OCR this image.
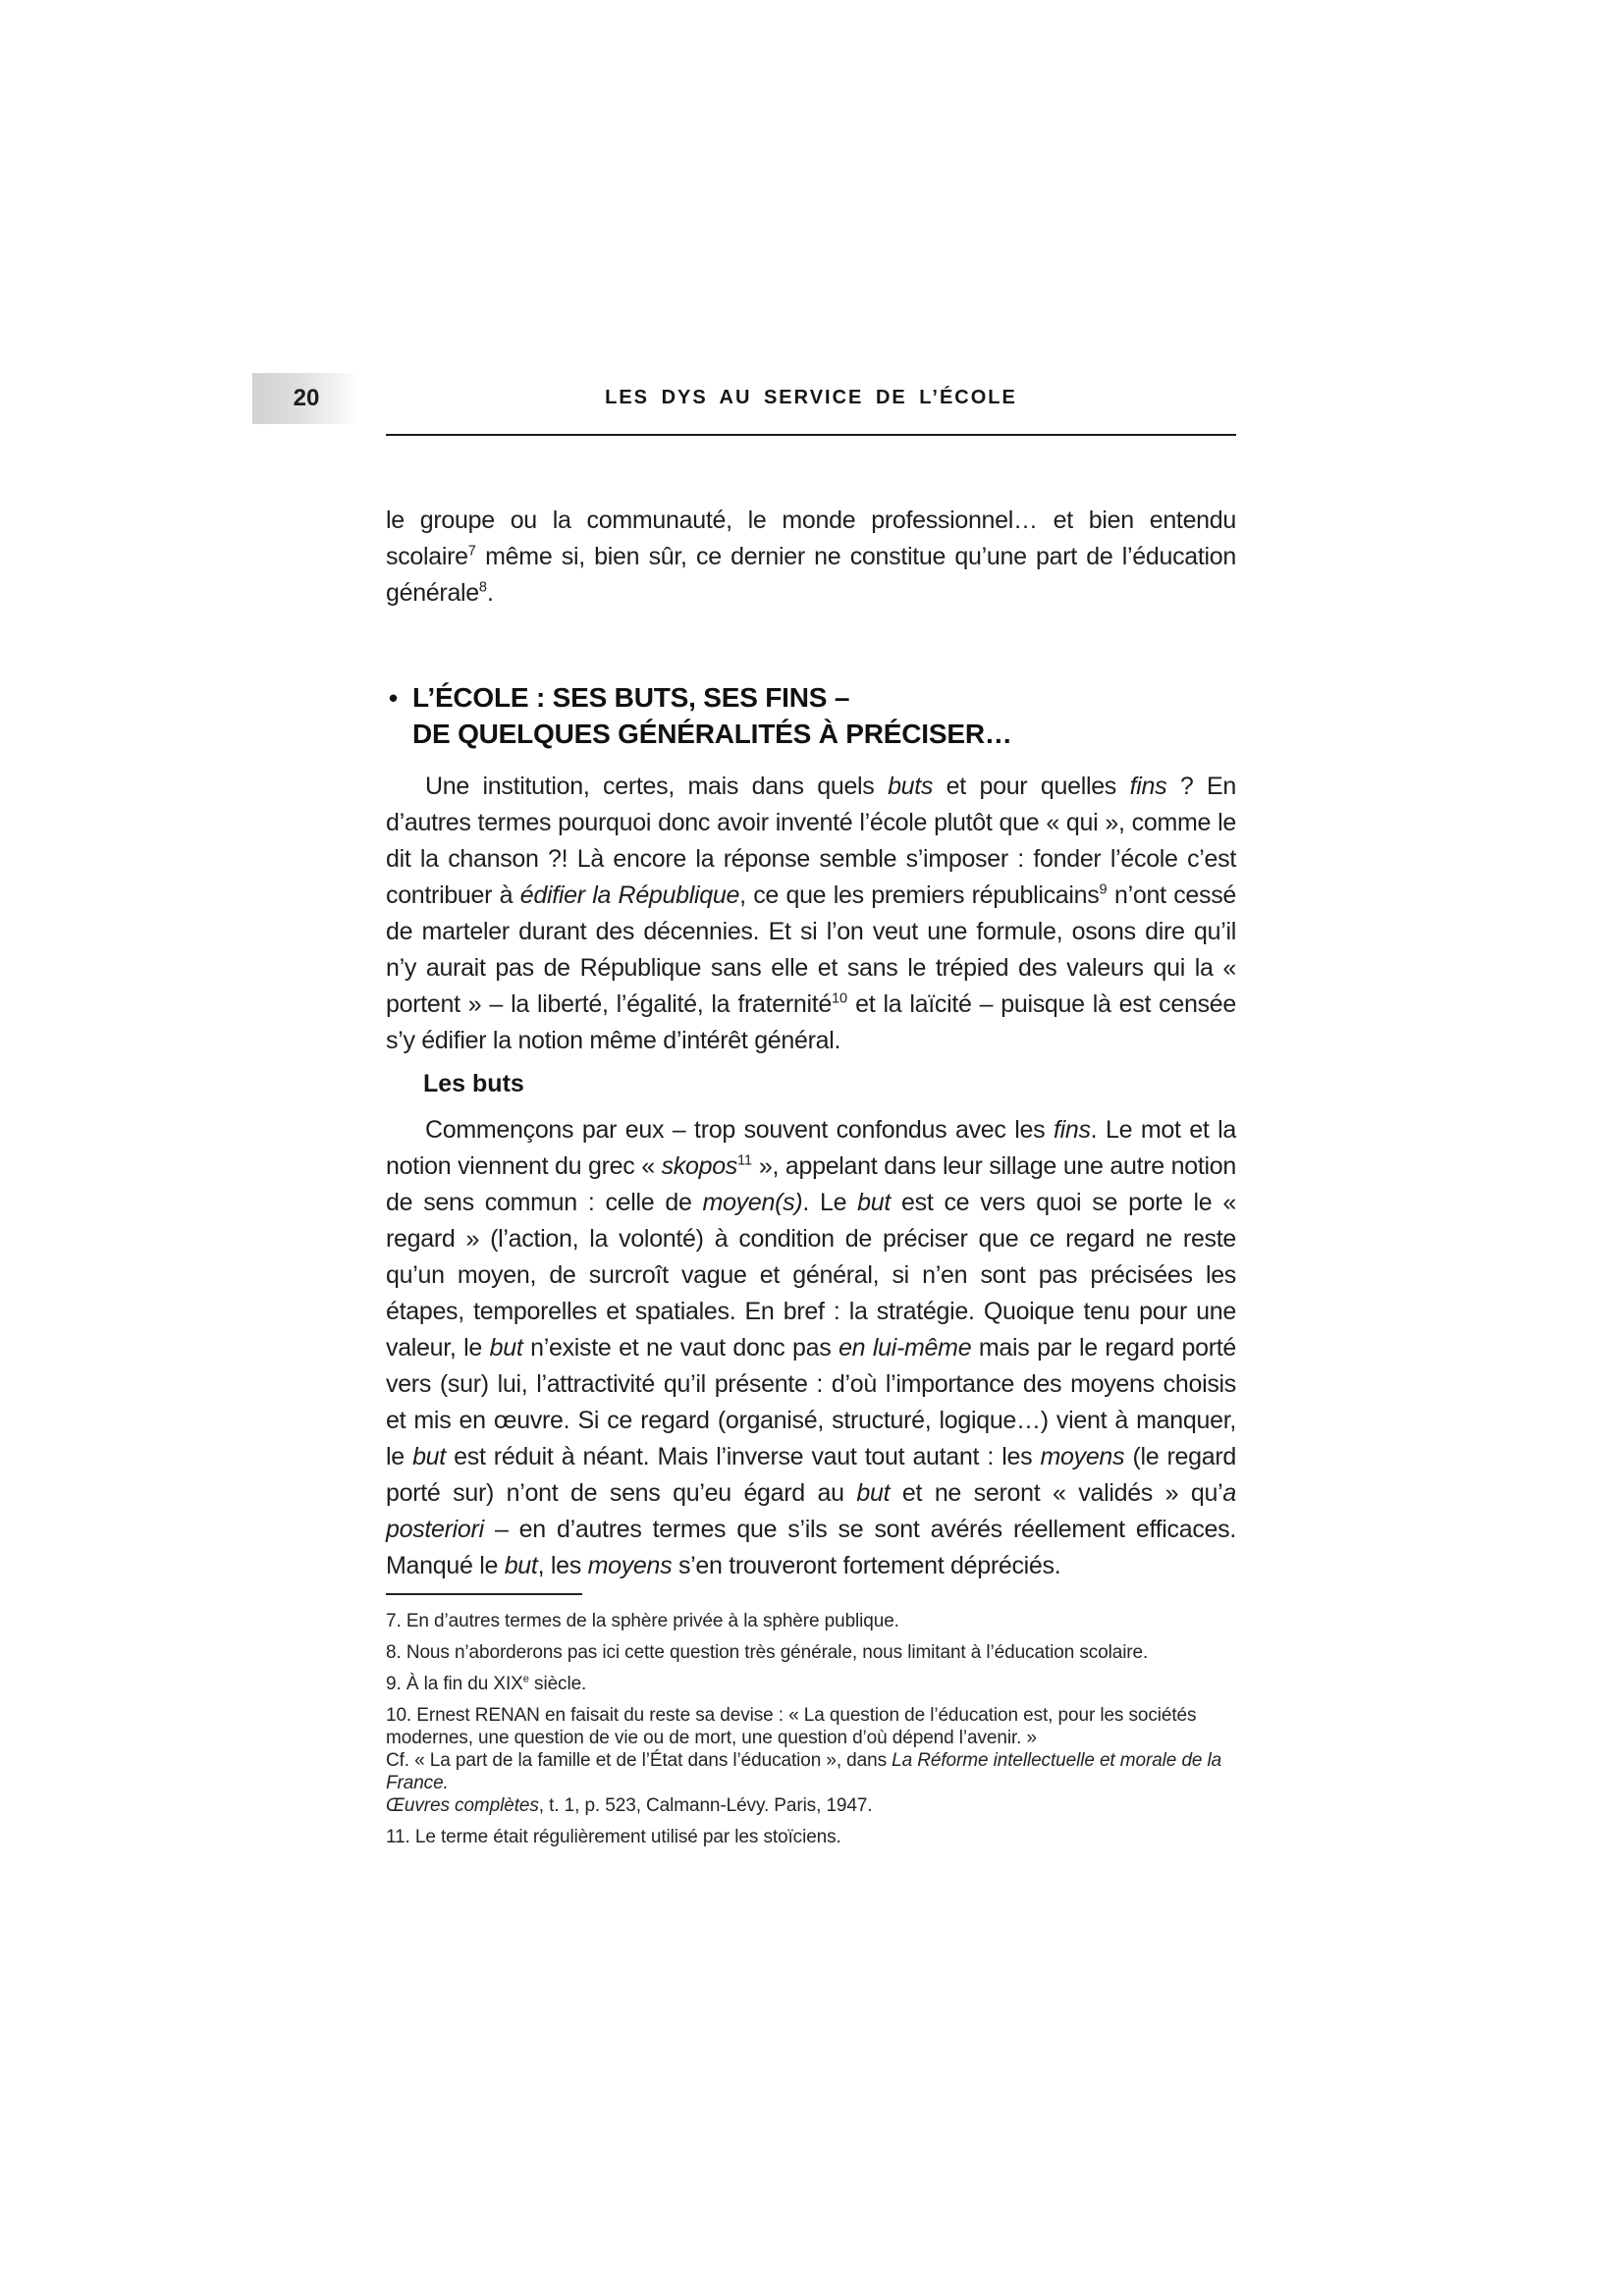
20	LES DYS AU SERVICE DE L’ÉCOLE

le groupe ou la communauté, le monde professionnel… et bien entendu scolaire$^7$ même si, bien sûr, ce dernier ne constitue qu’une part de l’éducation générale$^8$.

• L’ÉCOLE : SES BUTS, SES FINS –
DE QUELQUES GÉNÉRALITÉS À PRÉCISER…

Une institution, certes, mais dans quels buts et pour quelles fins ? En d’autres termes pourquoi donc avoir inventé l’école plutôt que « qui », comme le dit la chanson ?! Là encore la réponse semble s’imposer : fonder l’école c’est contribuer à édifier la République, ce que les premiers républicains$^9$ n’ont cessé de marteler durant des décennies. Et si l’on veut une formule, osons dire qu’il n’y aurait pas de République sans elle et sans le trépied des valeurs qui la « portent » – la liberté, l’égalité, la fraternité$^{10}$ et la laïcité – puisque là est censée s’y édifier la notion même d’intérêt général.

Les buts

Commençons par eux – trop souvent confondus avec les fins. Le mot et la notion viennent du grec « skopos$^{11}$ », appelant dans leur sillage une autre notion de sens commun : celle de moyen(s). Le but est ce vers quoi se porte le « regard » (l’action, la volonté) à condition de préciser que ce regard ne reste qu’un moyen, de surcroît vague et général, si n’en sont pas précisées les étapes, temporelles et spatiales. En bref : la stratégie. Quoique tenu pour une valeur, le but n’existe et ne vaut donc pas en lui-même mais par le regard porté vers (sur) lui, l’attractivité qu’il présente : d’où l’importance des moyens choisis et mis en œuvre. Si ce regard (organisé, structuré, logique…) vient à manquer, le but est réduit à néant. Mais l’inverse vaut tout autant : les moyens (le regard porté sur) n’ont de sens qu’eu égard au but et ne seront « validés » qu’a posteriori – en d’autres termes que s’ils se sont avérés réellement efficaces. Manqué le but, les moyens s’en trouveront fortement dépréciés.

7. En d’autres termes de la sphère privée à la sphère publique.
8. Nous n’aborderons pas ici cette question très générale, nous limitant à l’éducation scolaire.
9. À la fin du XIXe siècle.
10. Ernest RENAN en faisait du reste sa devise : « La question de l’éducation est, pour les sociétés modernes, une question de vie ou de mort, une question d’où dépend l’avenir. »
Cf. « La part de la famille et de l’État dans l’éducation », dans La Réforme intellectuelle et morale de la France.
Œuvres complètes, t. 1, p. 523, Calmann-Lévy. Paris, 1947.
11. Le terme était régulièrement utilisé par les stoïciens.
